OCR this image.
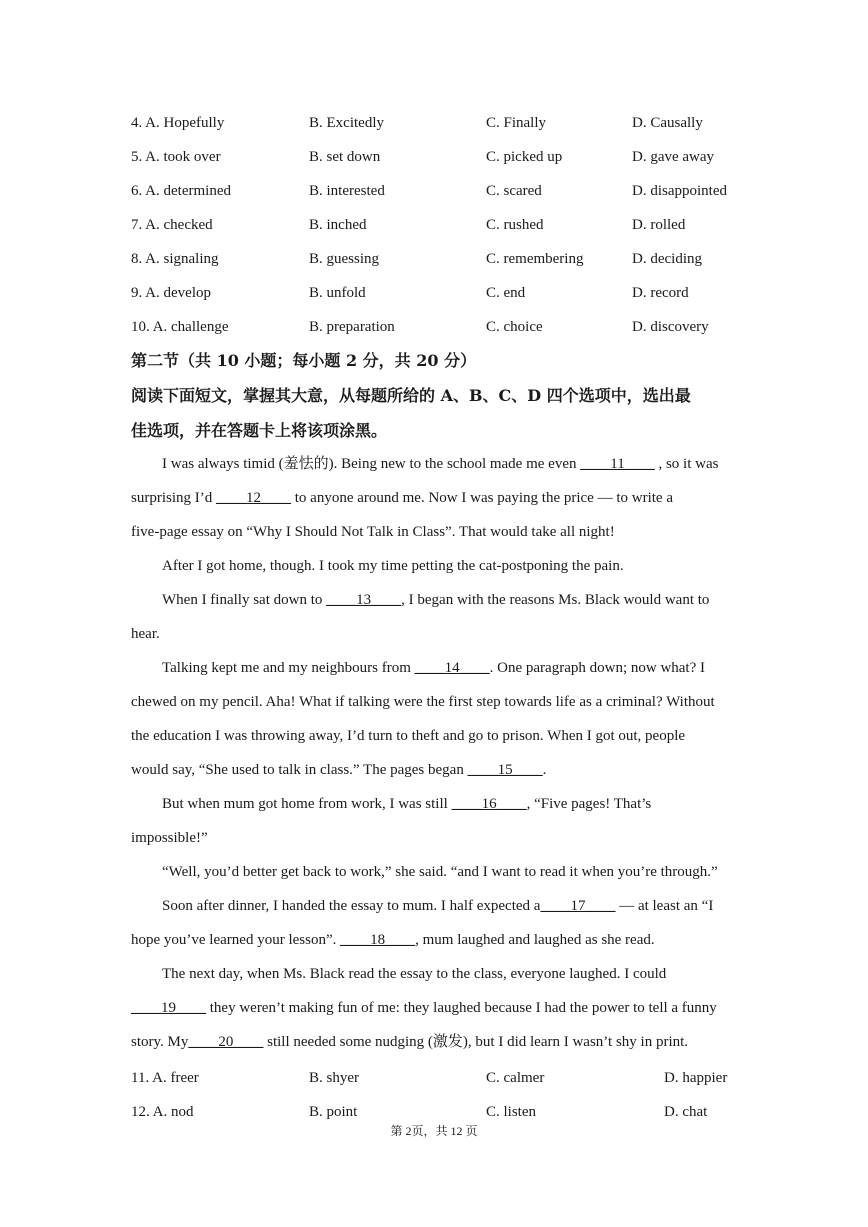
4. A. Hopefully	B. Excitedly	C. Finally	D. Causally
5. A. took over	B. set down	C. picked up	D. gave away
6. A. determined	B. interested	C. scared	D. disappointed
7. A. checked	B. inched	C. rushed	D. rolled
8. A. signaling	B. guessing	C. remembering	D. deciding
9. A. develop	B. unfold	C. end	D. record
10. A. challenge	B. preparation	C. choice	D. discovery
第二节（共 10 小题；每小题 2 分，共 20 分）
阅读下面短文，掌握其大意，从每题所给的 A、B、C、D 四个选项中，选出最
佳选项，并在答题卡上将该项涂黑。
I was always timid (羞怯的). Being new to the school made me even ____11____ , so it was
surprising I’d ____12____ to anyone around me. Now I was paying the price — to write a
five-page essay on “Why I Should Not Talk in Class”. That would take all night!
After I got home, though. I took my time petting the cat-postponing the pain.
When I finally sat down to ____13____, I began with the reasons Ms. Black would want to
hear.
Talking kept me and my neighbours from ____14____. One paragraph down; now what? I
chewed on my pencil. Aha! What if talking were the first step towards life as a criminal? Without
the education I was throwing away, I’d turn to theft and go to prison. When I got out, people
would say, “She used to talk in class.” The pages began ____15____.
But when mum got home from work, I was still ____16____, “Five pages! That’s
impossible!”
“Well, you’d better get back to work,” she said. “and I want to read it when you’re through.”
Soon after dinner, I handed the essay to mum. I half expected a____17____ — at least an “I
hope you’ve learned your lesson”. ____18____, mum laughed and laughed as she read.
The next day, when Ms. Black read the essay to the class, everyone laughed. I could
____19____ they weren’t making fun of me: they laughed because I had the power to tell a funny
story. My____20____ still needed some nudging (激发), but I did learn I wasn’t shy in print.
11. A. freer	B. shyer	C. calmer	D. happier
12. A. nod	B. point	C. listen	D. chat
第 2页，共 12 页
